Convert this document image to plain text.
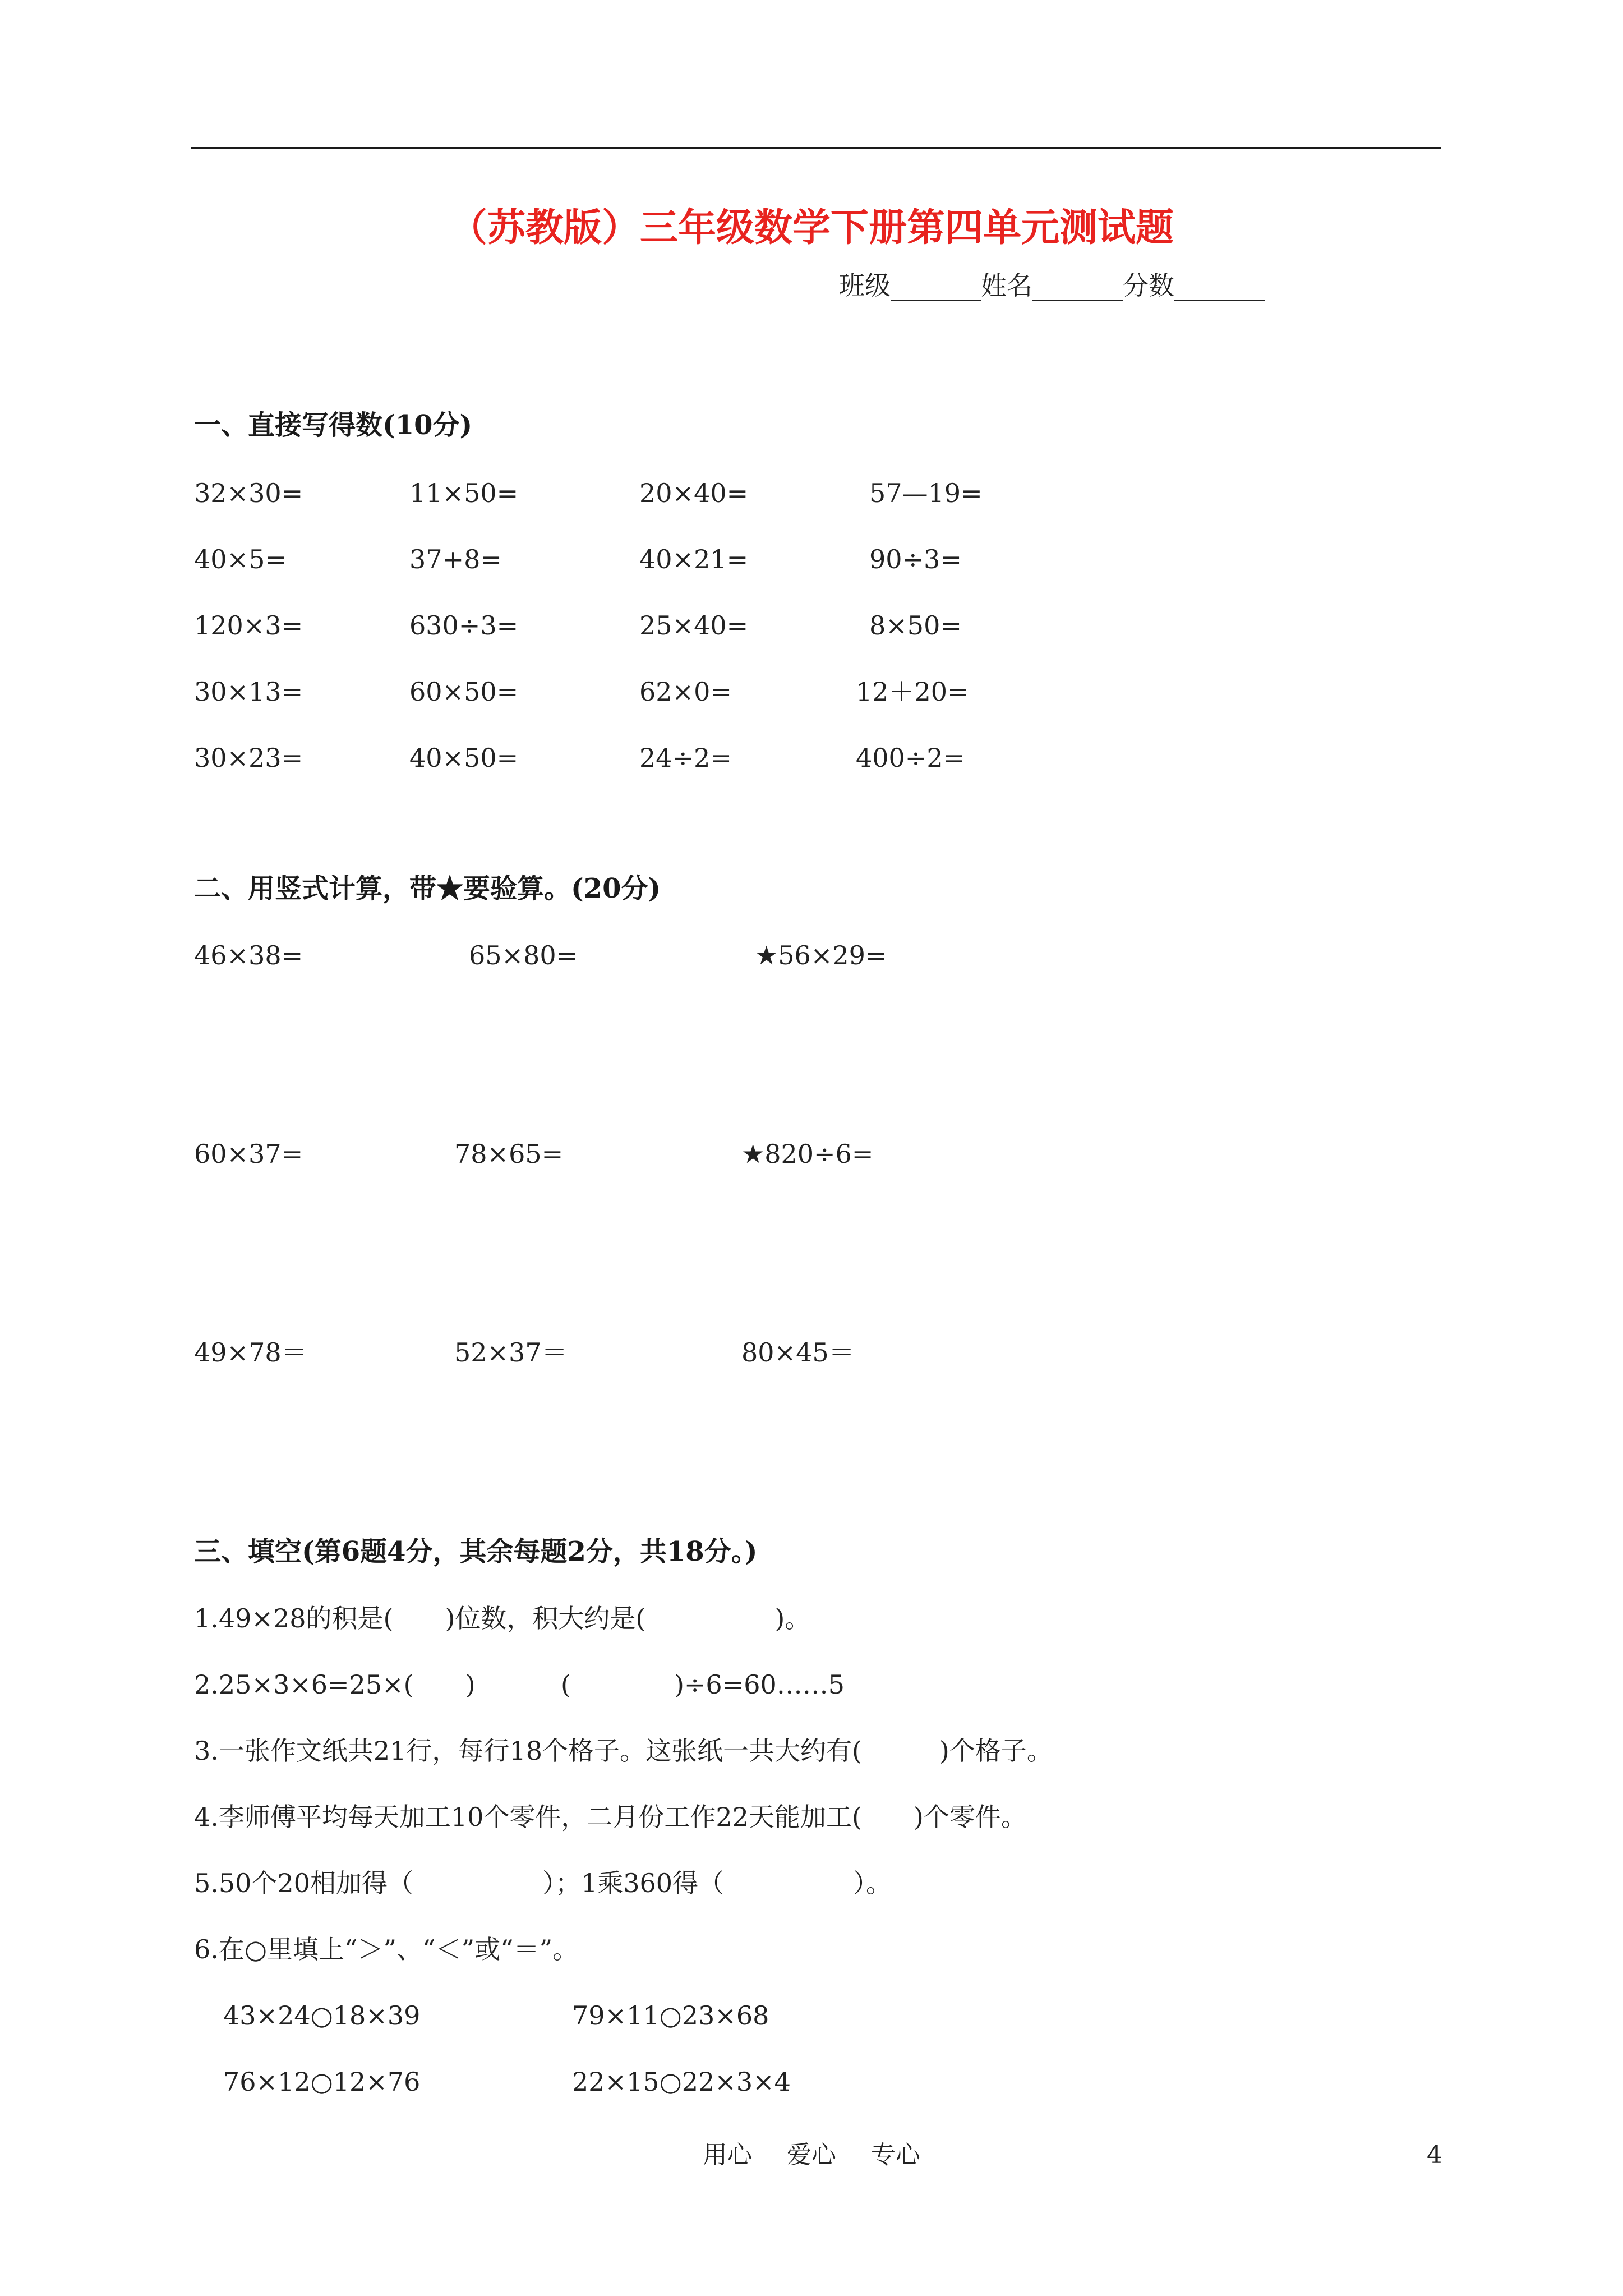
（苏教版）三年级数学下册第四单元测试题
班级_______姓名_______分数_______
一、直接写得数(10分)
32×30=	11×50=	20×40=	57—19=
40×5=	37+8=	40×21=	90÷3=
120×3=	630÷3=	25×40=	8×50=
30×13=	60×50=	62×0=	12＋20=
30×23=	40×50=	24÷2=	400÷2=
二、用竖式计算，带★要验算。(20分)
46×38=	65×80=	★56×29=
60×37=	78×65=	★820÷6=
49×78＝	52×37＝	80×45＝
三、填空(第6题4分，其余每题2分，共18分。)
1.49×28的积是(　　)位数，积大约是(　　　　　)。
2.25×3×6=25×(　　)	(　　　　)÷6=60……5
3.一张作文纸共21行，每行18个格子。这张纸一共大约有(　　　)个格子。
4.李师傅平均每天加工10个零件，二月份工作22天能加工(　　)个零件。
5.50个20相加得（　　　　　）；1乘360得（　　　　　）。
6.在○里填上“＞”、“＜”或“＝”。
43×24○18×39	79×11○23×68
76×12○12×76	22×15○22×3×4
用心 爱心 专心	4
